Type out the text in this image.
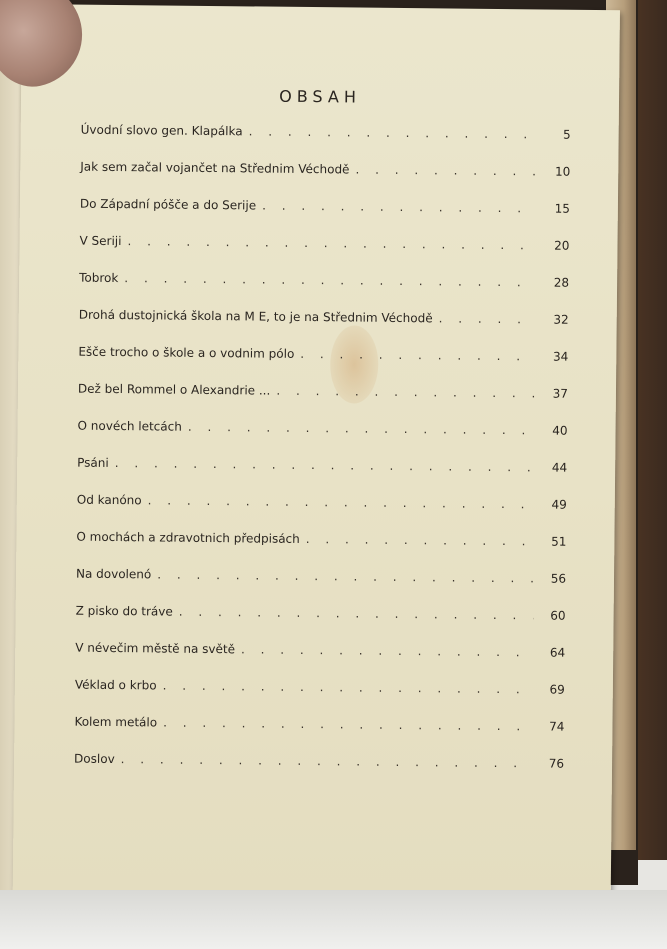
OBSAH
Úvodní slovo gen. Klapálka . . .	5
Jak sem začal vojančet na Střednim Véchodě . . .	10
Do Západní póšče a do Serije . . .	15
V Seriji . . .	20
Tobrok . . .	28
Drohá dustojnická škola na M E, to je na Střednim Véchodě . . .	32
Ešče trocho o škole a o vodnim pólo . . .	34
Dež bel Rommel o Alexandrie ... . . .	37
O novéch letcách . . .	40
Psáni . . .	44
Od kanóno . . .	49
O mochách a zdravotnich předpisách . . .	51
Na dovolenó . . .	56
Z pisko do tráve . . .	60
V névečim městě na světě . . .	64
Véklad o krbo . . .	69
Kolem metálo . . .	74
Doslov . . .	76
